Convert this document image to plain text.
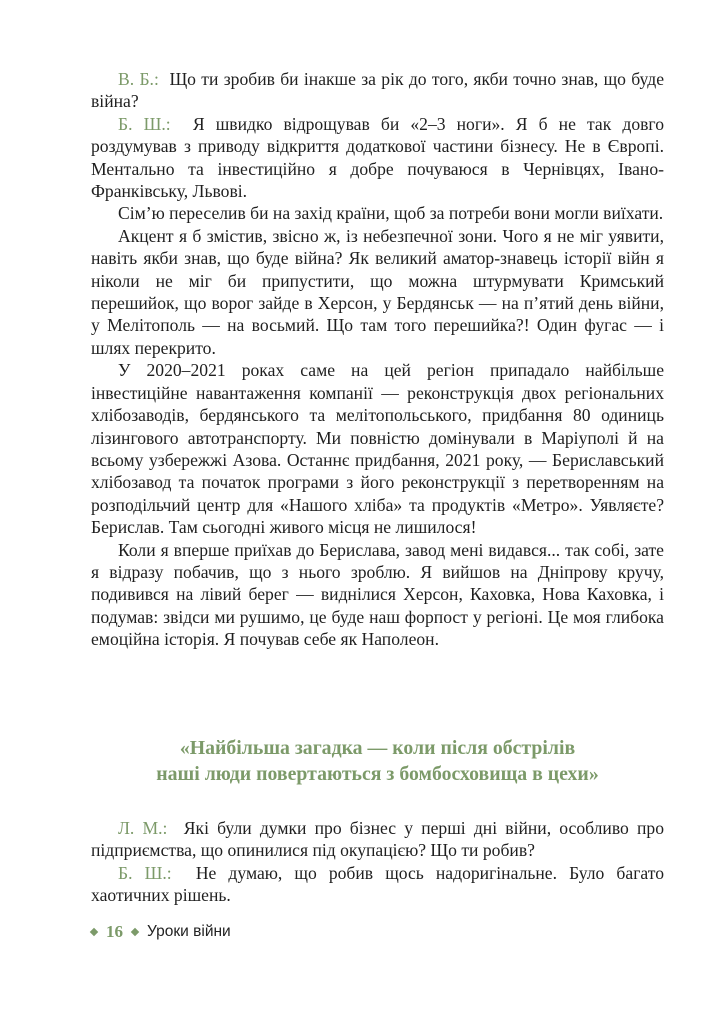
В. Б.: Що ти зробив би інакше за рік до того, якби точно знав, що буде війна?

Б. Ш.: Я швидко відрощував би «2–3 ноги». Я б не так довго роздумував з приводу відкриття додаткової частини бізнесу. Не в Європі. Ментально та інвестиційно я добре почуваюся в Чернівцях, Івано-Франківську, Львові.

Сім’ю переселив би на захід країни, щоб за потреби вони могли виїхати.

Акцент я б змістив, звісно ж, із небезпечної зони. Чого я не міг уявити, навіть якби знав, що буде війна? Як великий аматор-знавець історії війн я ніколи не міг би припустити, що можна штурмувати Кримський перешийок, що ворог зайде в Херсон, у Бердянськ — на п’ятий день війни, у Мелітополь — на восьмий. Що там того перешийка?! Один фугас — і шлях перекрито.

У 2020–2021 роках саме на цей регіон припадало найбільше інвестиційне навантаження компанії — реконструкція двох регіональних хлібозаводів, бердянського та мелітопольського, придбання 80 одиниць лізингового автотранспорту. Ми повністю домінували в Маріуполі й на всьому узбережжі Азова. Останнє придбання, 2021 року, — Бериславський хлібозавод та початок програми з його реконструкції з перетворенням на розподільчий центр для «Нашого хліба» та продуктів «Метро». Уявляєте? Берислав. Там сьогодні живого місця не лишилося!

Коли я вперше приїхав до Берислава, завод мені видався... так собі, зате я відразу побачив, що з нього зроблю. Я вийшов на Дніпрову кручу, подивився на лівий берег — виднілися Херсон, Каховка, Нова Каховка, і подумав: звідси ми рушимо, це буде наш форпост у регіоні. Це моя глибока емоційна історія. Я почував себе як Наполеон.

«Найбільша загадка — коли після обстрілів
наші люди повертаються з бомбосховища в цехи»

Л. М.: Які були думки про бізнес у перші дні війни, особливо про підприємства, що опинилися під окупацією? Що ти робив?

Б. Ш.: Не думаю, що робив щось надоригінальне. Було багато хаотичних рішень.

16 Уроки війни
